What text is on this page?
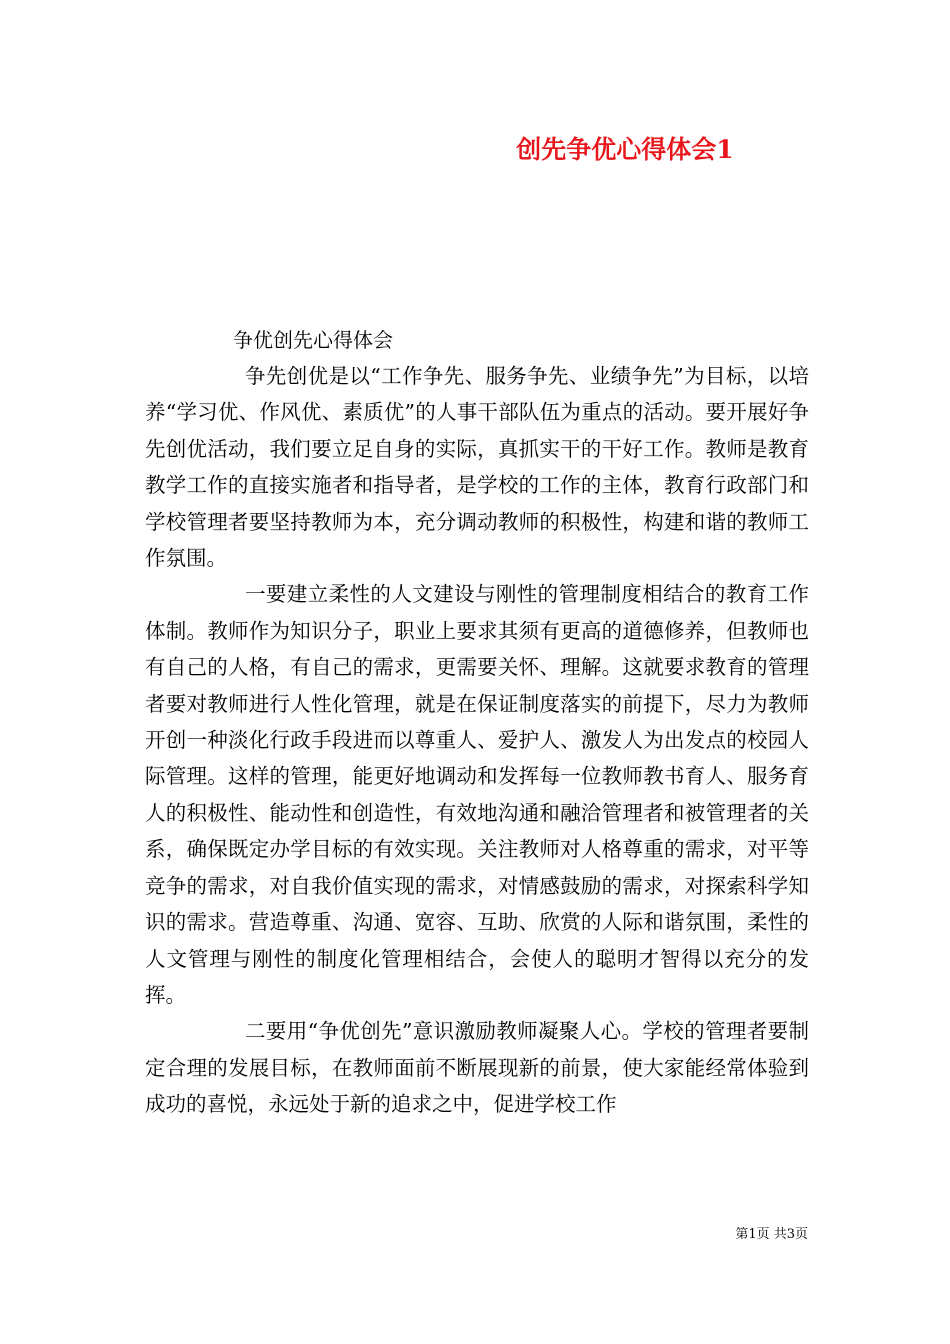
创先争优心得体会1

争优创先心得体会

争先创优是以“工作争先、服务争先、业绩争先”为目标，以培养“学习优、作风优、素质优”的人事干部队伍为重点的活动。要开展好争先创优活动，我们要立足自身的实际，真抓实干的干好工作。教师是教育教学工作的直接实施者和指导者，是学校的工作的主体，教育行政部门和学校管理者要坚持教师为本，充分调动教师的积极性，构建和谐的教师工作氛围。

一要建立柔性的人文建设与刚性的管理制度相结合的教育工作体制。教师作为知识分子，职业上要求其须有更高的道德修养，但教师也有自己的人格，有自己的需求，更需要关怀、理解。这就要求教育的管理者要对教师进行人性化管理，就是在保证制度落实的前提下，尽力为教师开创一种淡化行政手段进而以尊重人、爱护人、激发人为出发点的校园人际管理。这样的管理，能更好地调动和发挥每一位教师教书育人、服务育人的积极性、能动性和创造性，有效地沟通和融洽管理者和被管理者的关系，确保既定办学目标的有效实现。关注教师对人格尊重的需求，对平等竞争的需求，对自我价值实现的需求，对情感鼓励的需求，对探索科学知识的需求。营造尊重、沟通、宽容、互助、欣赏的人际和谐氛围，柔性的人文管理与刚性的制度化管理相结合，会使人的聪明才智得以充分的发挥。

二要用“争优创先”意识激励教师凝聚人心。学校的管理者要制定合理的发展目标，在教师面前不断展现新的前景，使大家能经常体验到成功的喜悦，永远处于新的追求之中，促进学校工作

第1页 共3页
